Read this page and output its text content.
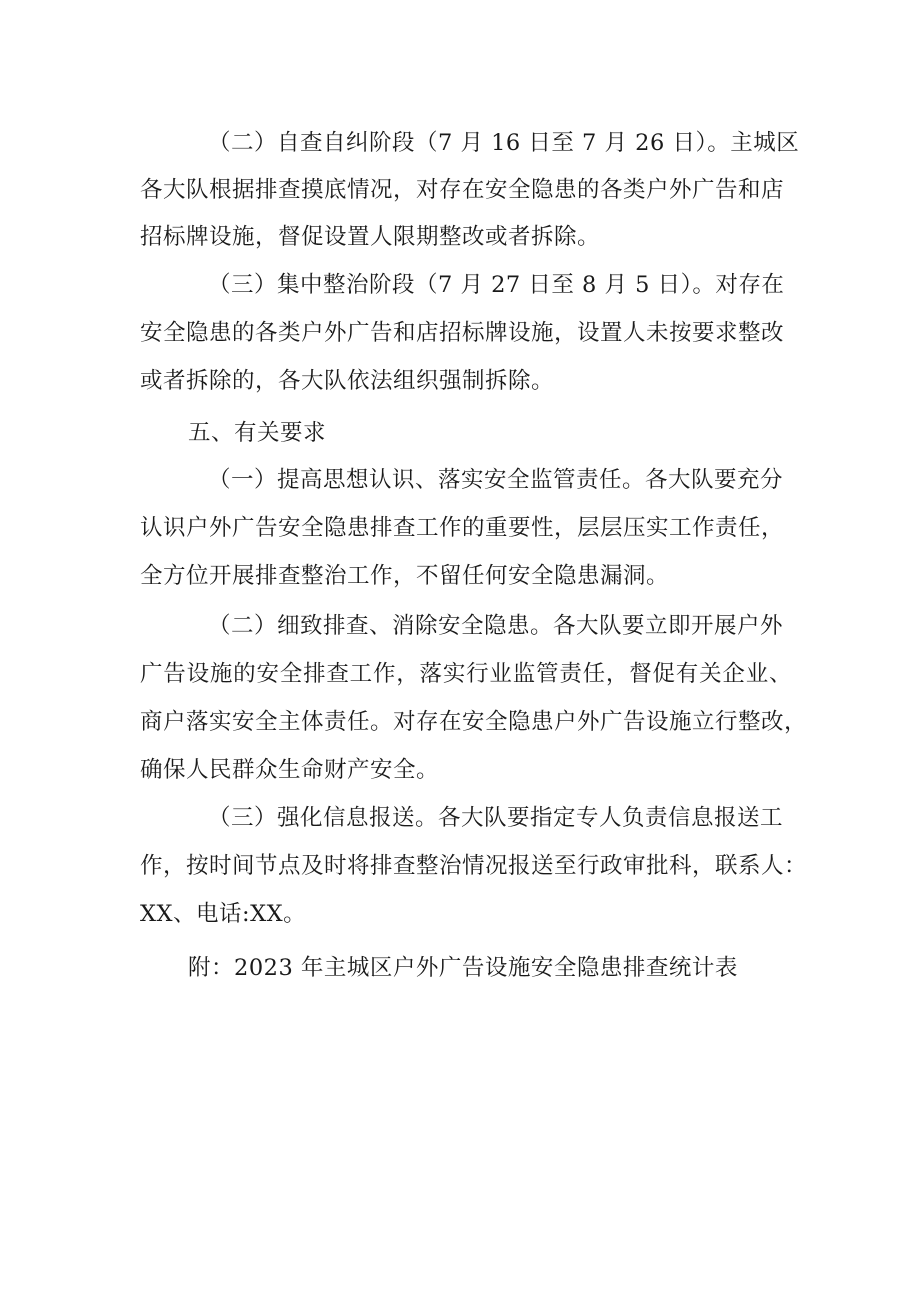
（二）自查自纠阶段（7 月 16 日至 7 月 26 日）。主城区
各大队根据排查摸底情况，对存在安全隐患的各类户外广告和店
招标牌设施，督促设置人限期整改或者拆除。
（三）集中整治阶段（7 月 27 日至 8 月 5 日）。对存在
安全隐患的各类户外广告和店招标牌设施，设置人未按要求整改
或者拆除的，各大队依法组织强制拆除。
五、有关要求
（一）提高思想认识、落实安全监管责任。各大队要充分
认识户外广告安全隐患排查工作的重要性，层层压实工作责任，
全方位开展排查整治工作，不留任何安全隐患漏洞。
（二）细致排查、消除安全隐患。各大队要立即开展户外
广告设施的安全排查工作，落实行业监管责任，督促有关企业、
商户落实安全主体责任。对存在安全隐患户外广告设施立行整改，
确保人民群众生命财产安全。
（三）强化信息报送。各大队要指定专人负责信息报送工
作，按时间节点及时将排查整治情况报送至行政审批科，联系人：
XX、电话:XX。
附：2023 年主城区户外广告设施安全隐患排查统计表
